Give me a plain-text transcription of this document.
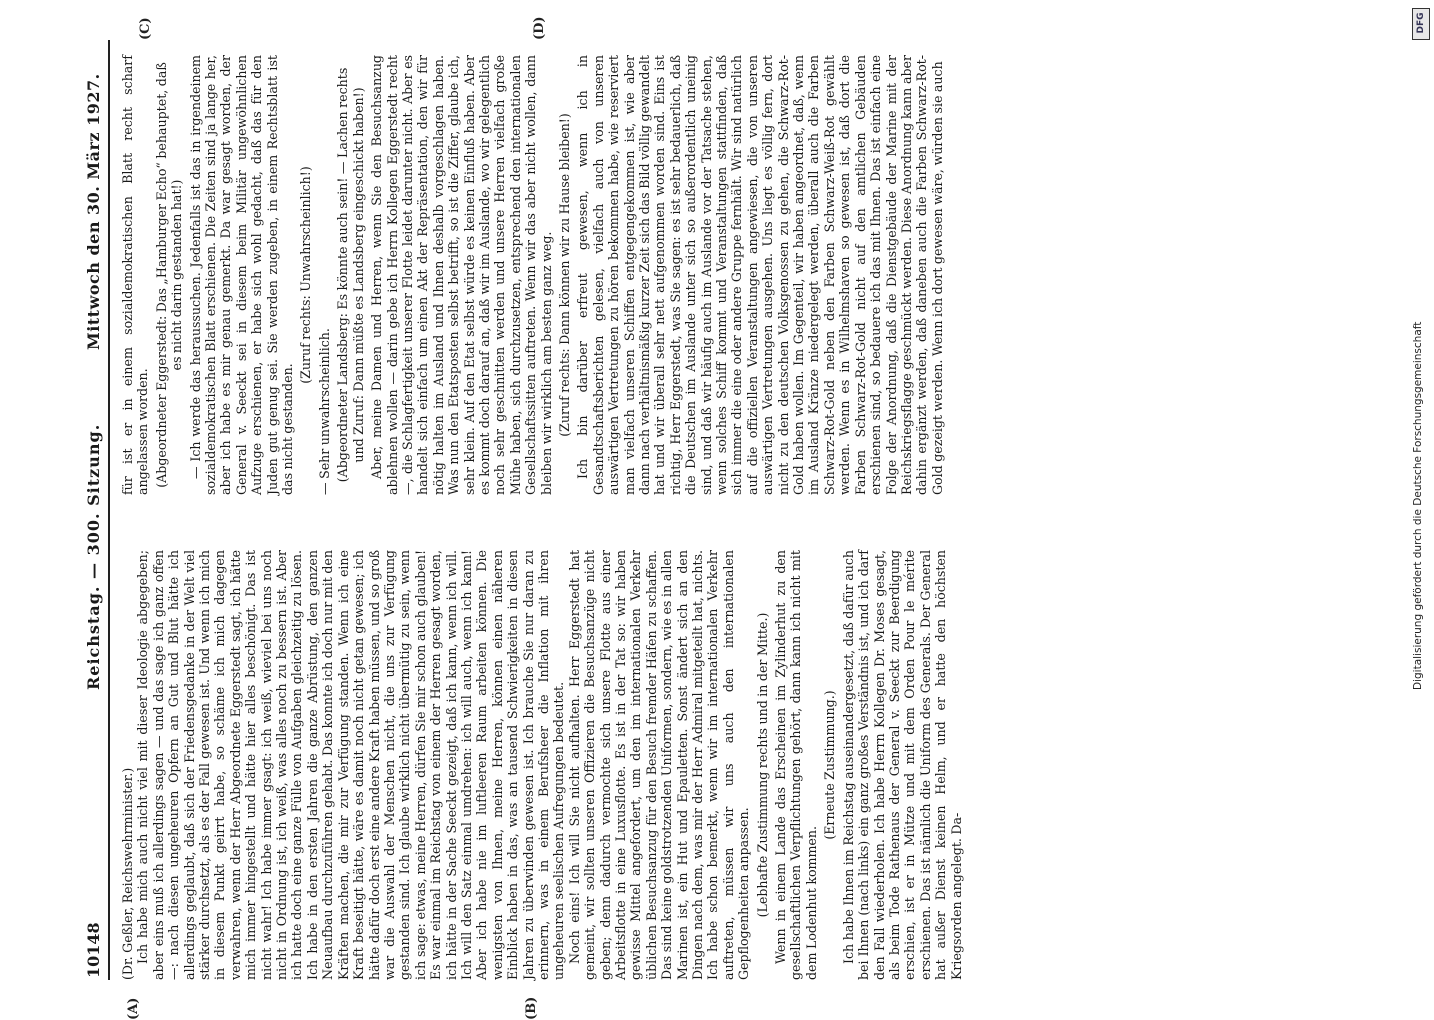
10148
Reichstag. — 300. Sitzung.
Mittwoch den 30. März 1927.
(A)	(B)
(C)	(D)

(Dr. Geßler, Reichswehrminister.) Ich habe mich auch nicht viel mit dieser Ideologie abgegeben; aber eins muß ich allerdings sagen — und das sage ich ganz offen —: nach diesen ungeheuren Opfern an Gut und Blut hätte ich allerdings geglaubt, daß sich der Friedensgedanke in der Welt viel stärker durchsetzt, als es der Fall gewesen ist. Und wenn ich mich in diesem Punkt geirrt habe, so schäme ich mich dagegen verwahren, wenn der Herr Abgeordnete Eggerstedt sagt, ich hätte mich immer hingestellt und hätte hier alles beschönigt. Das ist nicht wahr! Ich habe immer gsagt: ich weiß, wieviel bei uns noch nicht in Ordnung ist, ich weiß, was alles noch zu bessern ist. Aber ich hatte doch eine ganze Fülle von Aufgaben gleichzeitig zu lösen. Ich habe in den ersten Jahren die ganze Abrüstung, den ganzen Neuaufbau durchzuführen gehabt. Das konnte ich doch nur mit den Kräften machen, die mir zur Verfügung standen. Wenn ich eine Kraft beseitigt hätte, wäre es damit noch nicht getan gewesen; ich hätte dafür doch erst eine andere Kraft haben müssen, und so groß war die Auswahl der Menschen nicht, die uns zur Verfügung gestanden sind. Ich glaube wirklich nicht übermütig zu sein, wenn ich sage: etwas, meine Herren, dürfen Sie mir schon auch glauben! Es war einmal im Reichstag von einem der Herren gesagt worden, ich hätte in der Sache Seeckt gezeigt, daß ich kann, wenn ich will. Ich will den Satz einmal umdrehen: ich will auch, wenn ich kann! Aber ich habe nie im luftleeren Raum arbeiten können. Die wenigsten von Ihnen, meine Herren, können einen näheren Einblick haben in das, was an tausend Schwierigkeiten in diesen Jahren zu überwinden gewesen ist. Ich brauche Sie nur daran zu erinnern, was in einem Berufsheer die Inflation mit ihren ungeheuren seelischen Aufregungen bedeutet. Noch eins! Ich will Sie nicht aufhalten. Herr Eggerstedt hat gemeint, wir sollten unseren Offizieren die Besuchsanzüge nicht geben; denn dadurch vermochte sich unsere Flotte aus einer Arbeitsflotte in eine Luxusflotte. Es ist in der Tat so: wir haben gewisse Mittel angefordert, um den im internationalen Verkehr üblichen Besuchsanzug für den Besuch fremder Häfen zu schaffen. Das sind keine goldstrotzenden Uniformen, sondern, wie es in allen Marinen ist, ein Hut und Epauletten. Sonst ändert sich an den Dingen nach dem, was mir der Herr Admiral mitgeteilt hat, nichts. Ich habe schon bemerkt, wenn wir im internationalen Verkehr auftreten, müssen wir uns auch den internationalen Gepflogenheiten anpassen. (Lebhafte Zustimmung rechts und in der Mitte.) Wenn in einem Lande das Erscheinen im Zylinderhut zu den gesellschaftlichen Verpflichtungen gehört, dann kann ich nicht mit dem Lodenhut kommen.

(Erneute Zustimmung.) Ich habe Ihnen im Reichstag auseinandergesetzt, daß dafür auch bei Ihnen (nach links) ein ganz großes Verständnis ist, und ich darf den Fall wiederholen. Ich habe Herrn Kollegen Dr. Moses gesagt, als beim Tode Rathenaus der General v. Seeckt zur Beerdigung erschien, ist er in Mütze und mit dem Orden Pour le mérite erschienen. Das ist nämlich die Uniform des Generals. Der General hat außer Dienst keinen Helm, und er hatte den höchsten Kriegsorden angelegt. Da-

für ist er in einem sozialdemokratischen Blatt recht scharf angelassen worden. (Abgeordneter Eggerstedt: Das „Hamburger Echo“ behauptet, daß es nicht darin gestanden hat!) — Ich werde das heraussuchen. Jedenfalls ist das in irgendeinem sozialdemokratischen Blatt erschienen. Die Zeiten sind ja lange her, aber ich habe es mir genau gemerkt. Da war gesagt worden, der General v. Seeckt sei in diesem beim Militär ungewöhnlichen Aufzuge erschienen, er habe sich wohl gedacht, daß das für den Juden gut genug sei. Sie werden zugeben, in einem Rechtsblatt ist das nicht gestanden.

(Zuruf rechts: Unwahrscheinlich!)

— Sehr unwahrscheinlich. (Abgeordneter Landsberg: Es könnte auch sein! — Lachen rechts und Zuruf: Dann müßte es Landsberg eingeschickt haben!) Aber, meine Damen und Herren, wenn Sie den Besuchsanzug ablehnen wollen — darin gebe ich Herrn Kollegen Eggerstedt recht —, die Schlagfertigkeit unserer Flotte leidet darunter nicht. Aber es handelt sich einfach um einen Akt der Repräsentation, den wir für nötig halten im Ausland und Ihnen deshalb vorgeschlagen haben. Was nun den Etatsposten selbst betrifft, so ist die Ziffer, glaube ich, sehr klein. Auf den Etat selbst würde es keinen Einfluß haben. Aber es kommt doch darauf an, daß wir im Auslande, wo wir gelegentlich noch sehr geschnitten werden und unsere Herren vielfach große Mühe haben, sich durchzusetzen, entsprechend den internationalen Gesellschaftssitten auftreten. Wenn wir das aber nicht wollen, dann bleiben wir wirklich am besten ganz weg. (Zuruf rechts: Dann können wir zu Hause bleiben!) Ich bin darüber erfreut gewesen, wenn ich in Gesandtschaftsberichten gelesen, vielfach auch von unseren auswärtigen Vertretungen zu hören bekommen habe, wie reserviert man vielfach unseren Schiffen entgegengekommen ist, wie aber dann nach verhältnismäßig kurzer Zeit sich das Bild völlig gewandelt hat und wir überall sehr nett aufgenommen worden sind. Eins ist richtig, Herr Eggerstedt, was Sie sagen: es ist sehr bedauerlich, daß die Deutschen im Auslande unter sich so außerordentlich uneinig sind, und daß wir häufig auch im Auslande vor der Tatsache stehen, wenn solches Schiff kommt und Veranstaltungen stattfinden, daß sich immer die eine oder andere Gruppe fernhält. Wir sind natürlich auf die offiziellen Veranstaltungen angewiesen, die von unseren auswärtigen Vertretungen ausgehen. Uns liegt es völlig fern, dort nicht zu den deutschen Volksgenossen zu gehen, die Schwarz-Rot-Gold haben wollen. Im Gegenteil, wir haben angeordnet, daß, wenn im Ausland Kränze niedergelegt werden, überall auch die Farben Schwarz-Rot-Gold neben den Farben Schwarz-Weiß-Rot gewählt werden. Wenn es in Wilhelmshaven so gewesen ist, daß dort die Farben Schwarz-Rot-Gold nicht auf den amtlichen Gebäuden erschienen sind, so bedauere ich das mit Ihnen. Das ist einfach eine Folge der Anordnung, daß die Dienstgebäude der Marine mit der Reichskriegsflagge geschmückt werden. Diese Anordnung kann aber dahin ergänzt werden, daß daneben auch die Farben Schwarz-Rot-Gold gezeigt werden. Wenn ich dort gewesen wäre, würden sie auch

DFG
Digitalisierung gefördert durch die Deutsche Forschungsgemeinschaft
